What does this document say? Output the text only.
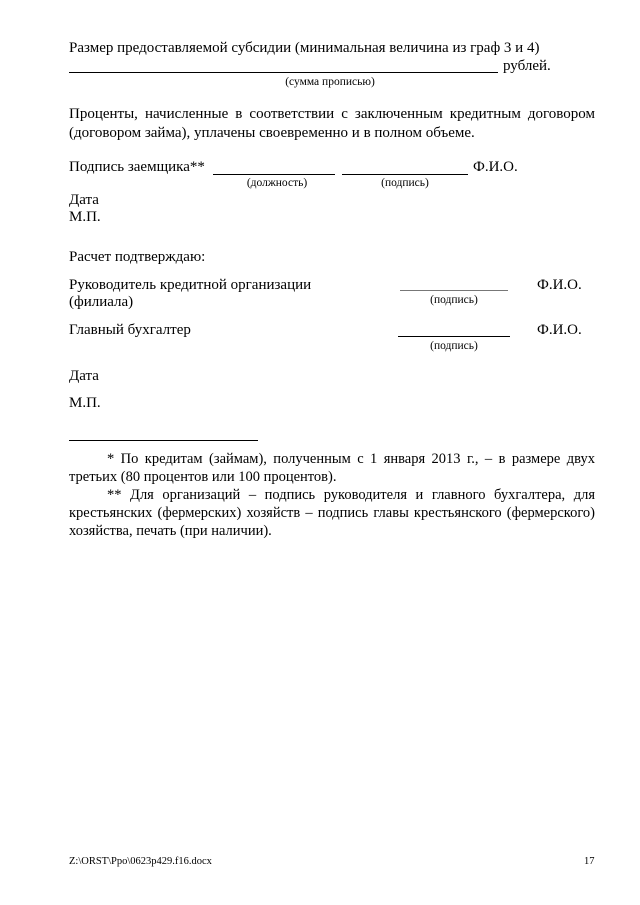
Размер предоставляемой субсидии (минимальная величина из граф 3 и 4)
рублей.
(сумма прописью)
Проценты, начисленные в соответствии с заключенным кредитным договором (договором займа), уплачены своевременно и в полном объеме.
Подпись заемщика**	Ф.И.О.
(должность)	(подпись)
Дата
М.П.
Расчет подтверждаю:
Руководитель кредитной организации
(филиала)
Ф.И.О.
(подпись)
Главный бухгалтер	Ф.И.О.
(подпись)
Дата
М.П.
* По кредитам (займам), полученным с 1 января 2013 г., – в размере двух третьих (80 процентов или 100 процентов).
** Для организаций – подпись руководителя и главного бухгалтера, для крестьянских (фермерских) хозяйств – подпись главы крестьянского (фермерского) хозяйства, печать (при наличии).
Z:\ORST\Ppo\0623p429.f16.docx	17
